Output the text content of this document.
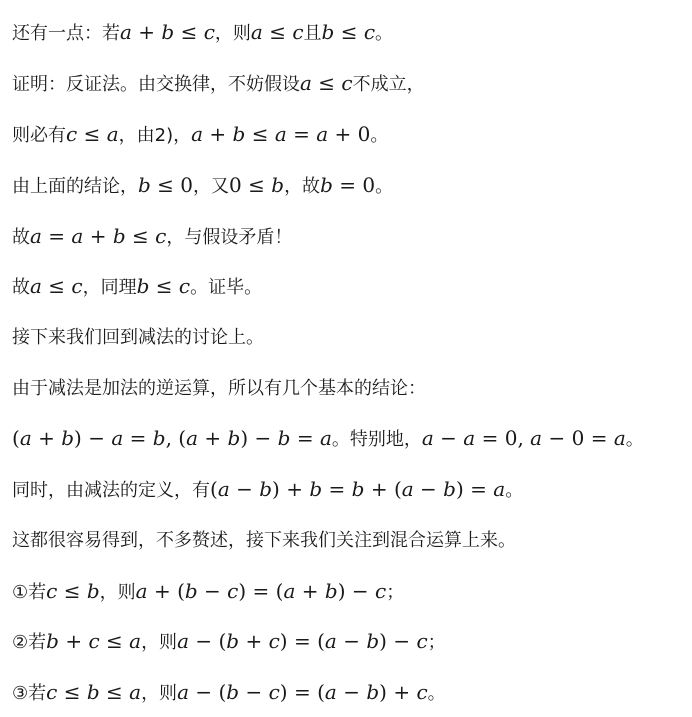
还有一点：若a + b ≤ c，则a ≤ c且b ≤ c。
证明：反证法。由交换律，不妨假设a ≤ c不成立，
则必有c ≤ a，由2)，a + b ≤ a = a + 0。
由上面的结论，b ≤ 0，又0 ≤ b，故b = 0。
故a = a + b ≤ c，与假设矛盾！
故a ≤ c，同理b ≤ c。证毕。
接下来我们回到减法的讨论上。
由于减法是加法的逆运算，所以有几个基本的结论：
(a + b) − a = b, (a + b) − b = a。特别地，a − a = 0, a − 0 = a。
同时，由减法的定义，有(a − b) + b = b + (a − b) = a。
这都很容易得到，不多赘述，接下来我们关注到混合运算上来。
①若c ≤ b，则a + (b − c) = (a + b) − c；
②若b + c ≤ a，则a − (b + c) = (a − b) − c；
③若c ≤ b ≤ a，则a − (b − c) = (a − b) + c。
